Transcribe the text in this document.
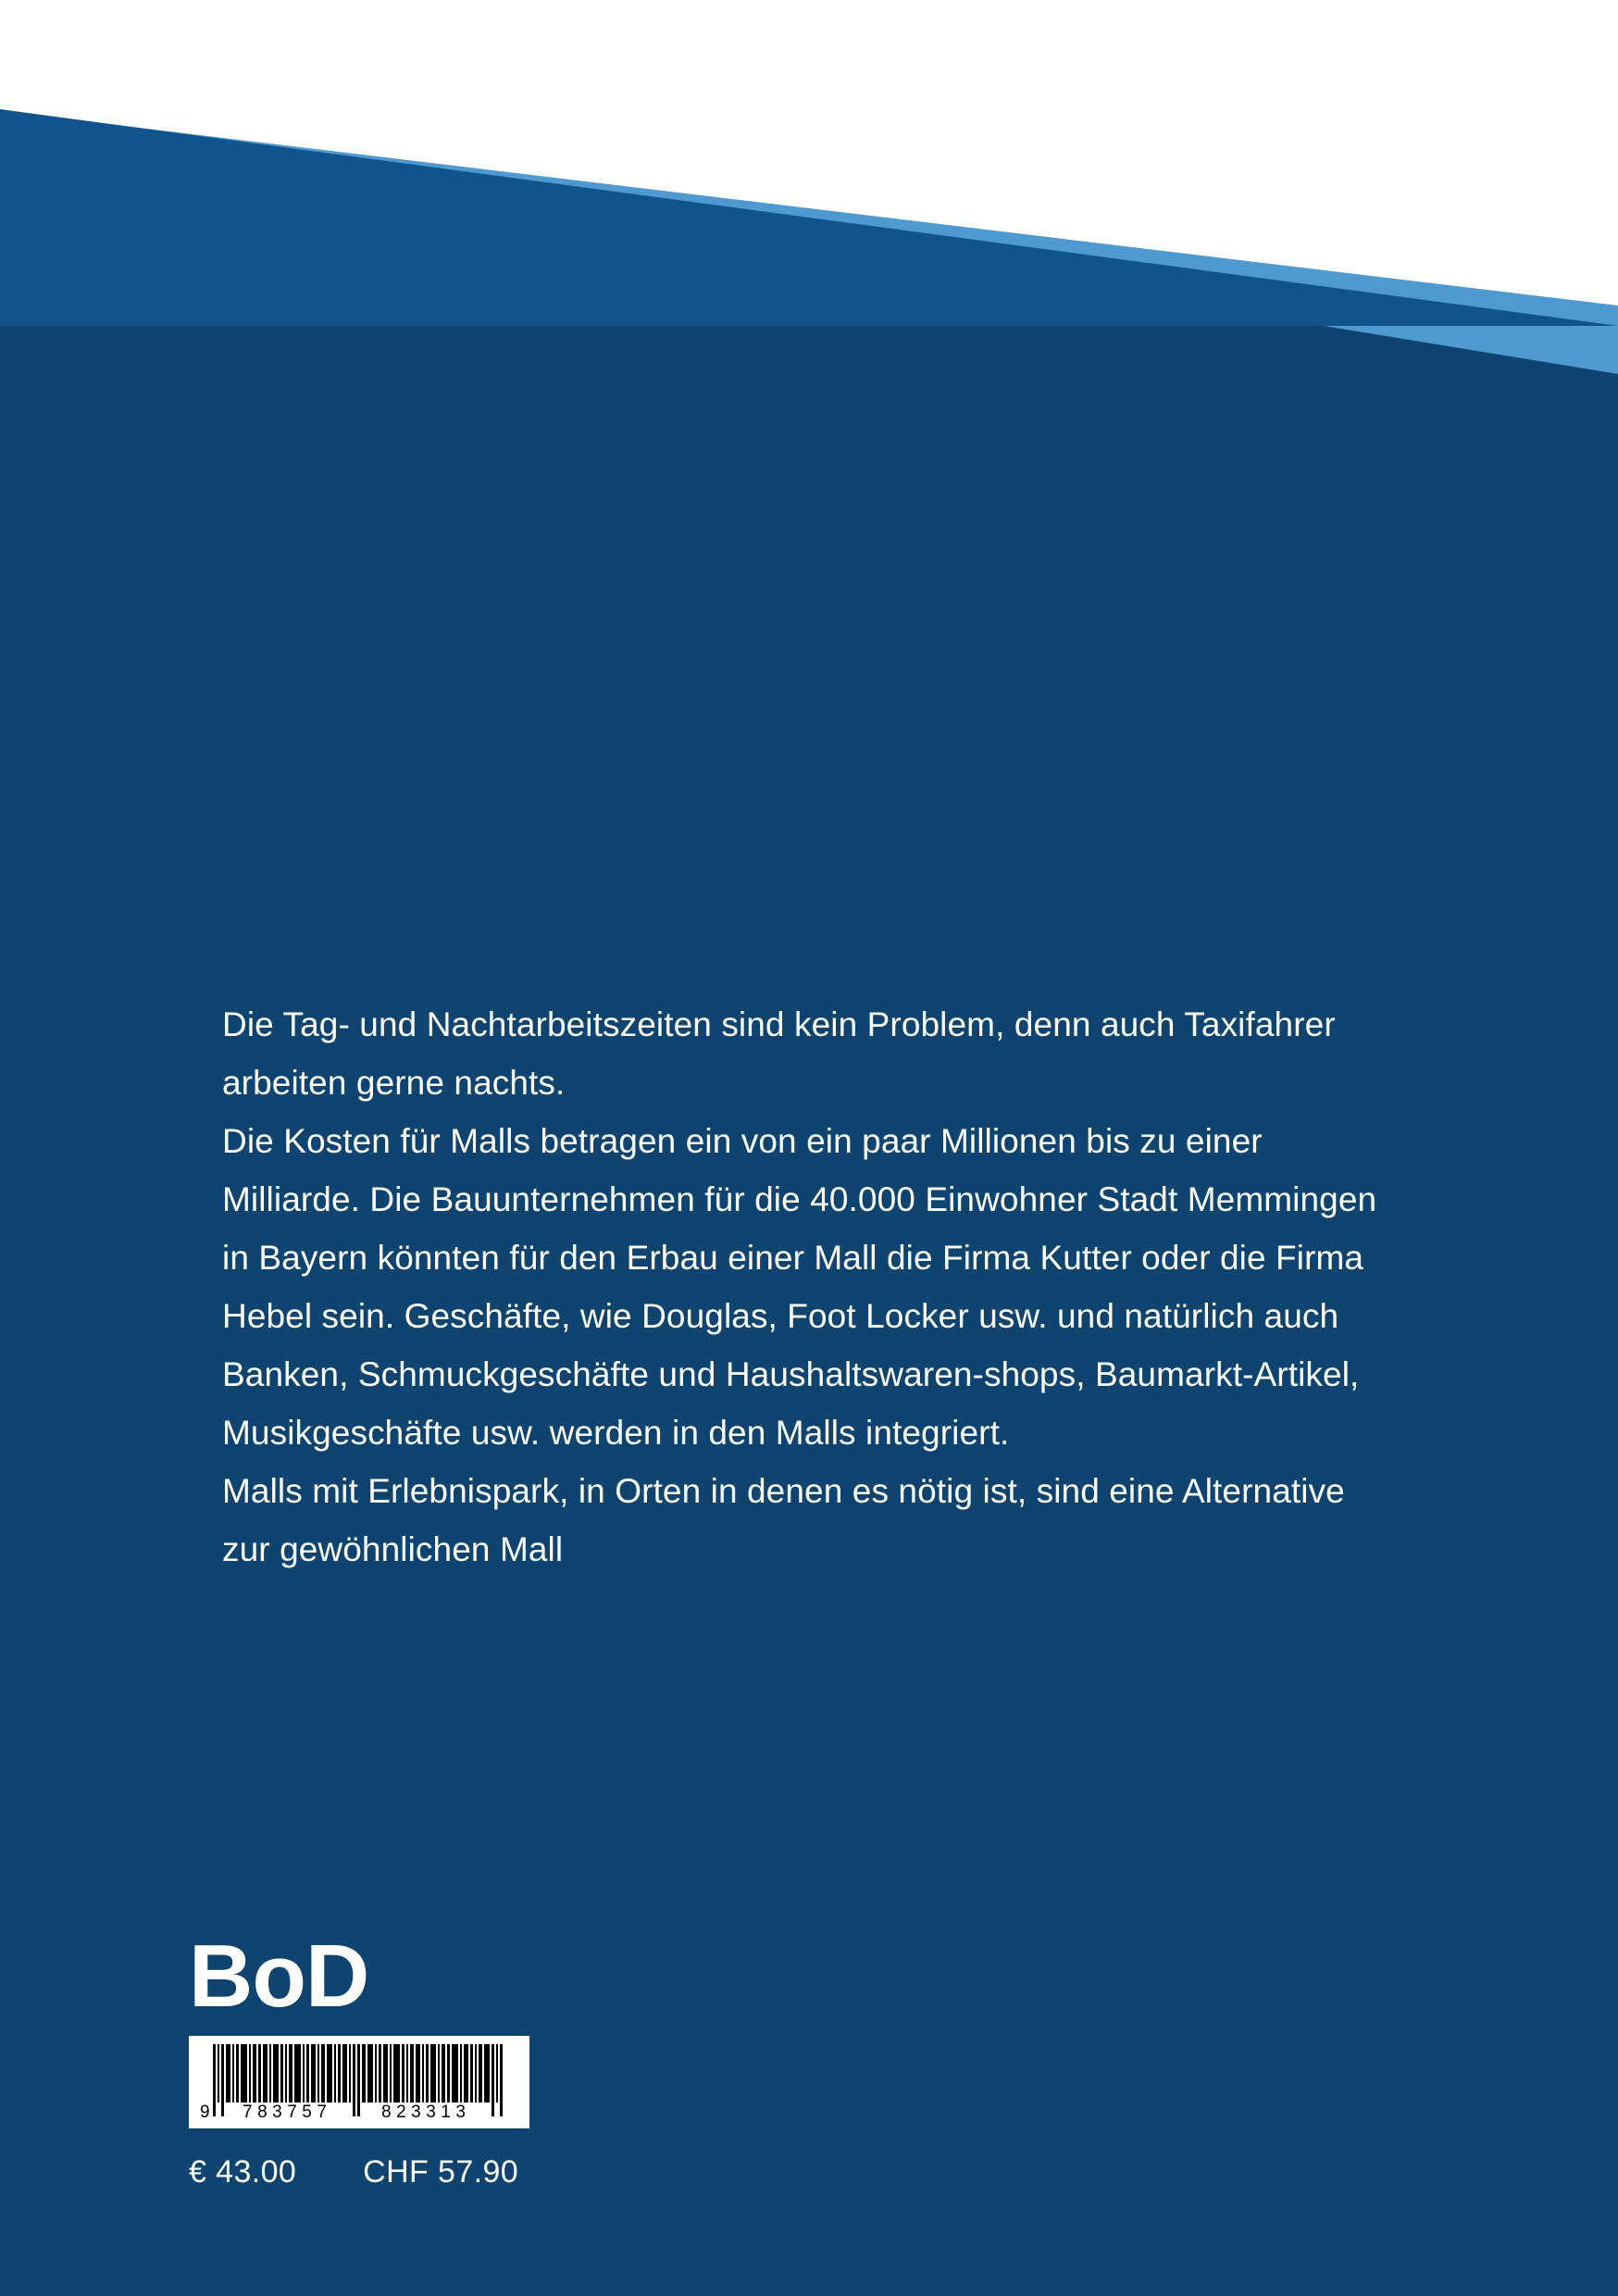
Die Tag- und Nachtarbeitszeiten sind kein Problem, denn auch Taxifahrer arbeiten gerne nachts.

Die Kosten für Malls betragen ein von ein paar Millionen bis zu einer Milliarde. Die Bauunternehmen für die 40.000 Einwohner Stadt Memmingen in Bayern könnten für den Erbau einer Mall die Firma Kutter oder die Firma Hebel sein. Geschäfte, wie Douglas, Foot Locker usw. und natürlich auch Banken, Schmuckgeschäfte und Haushaltswaren-shops, Baumarkt-Artikel, Musikgeschäfte usw. werden in den Malls integriert.

Malls mit Erlebnispark, in Orten in denen es nötig ist, sind eine Alternative zur gewöhnlichen Mall

BoD
9 783757	823313
€ 43.00 CHF 57.90
